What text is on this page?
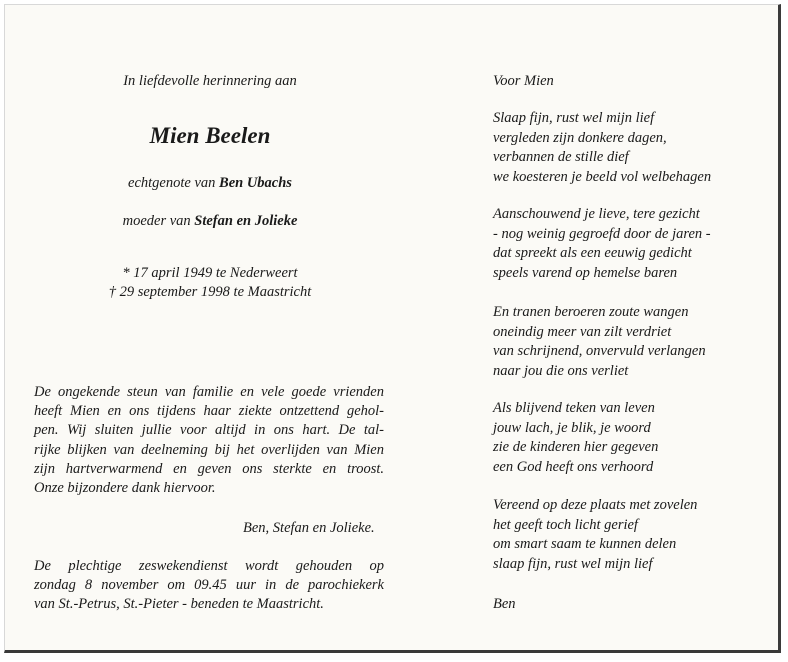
In liefdevolle herinnering aan
Mien Beelen
echtgenote van Ben Ubachs
moeder van Stefan en Jolieke
* 17 april 1949 te Nederweert
† 29 september 1998 te Maastricht
De ongekende steun van familie en vele goede vrienden
heeft Mien en ons tijdens haar ziekte ontzettend gehol-
pen. Wij sluiten jullie voor altijd in ons hart. De tal-
rijke blijken van deelneming bij het overlijden van Mien
zijn hartverwarmend en geven ons sterkte en troost.
Onze bijzondere dank hiervoor.
Ben, Stefan en Jolieke.
De plechtige zeswekendienst wordt gehouden op
zondag 8 november om 09.45 uur in de parochiekerk
van St.-Petrus, St.-Pieter - beneden te Maastricht.
Voor Mien
Slaap fijn, rust wel mijn lief
vergleden zijn donkere dagen,
verbannen de stille dief
we koesteren je beeld vol welbehagen
Aanschouwend je lieve, tere gezicht
- nog weinig gegroefd door de jaren -
dat spreekt als een eeuwig gedicht
speels varend op hemelse baren
En tranen beroeren zoute wangen
oneindig meer van zilt verdriet
van schrijnend, onvervuld verlangen
naar jou die ons verliet
Als blijvend teken van leven
jouw lach, je blik, je woord
zie de kinderen hier gegeven
een God heeft ons verhoord
Vereend op deze plaats met zovelen
het geeft toch licht gerief
om smart saam te kunnen delen
slaap fijn, rust wel mijn lief
Ben
